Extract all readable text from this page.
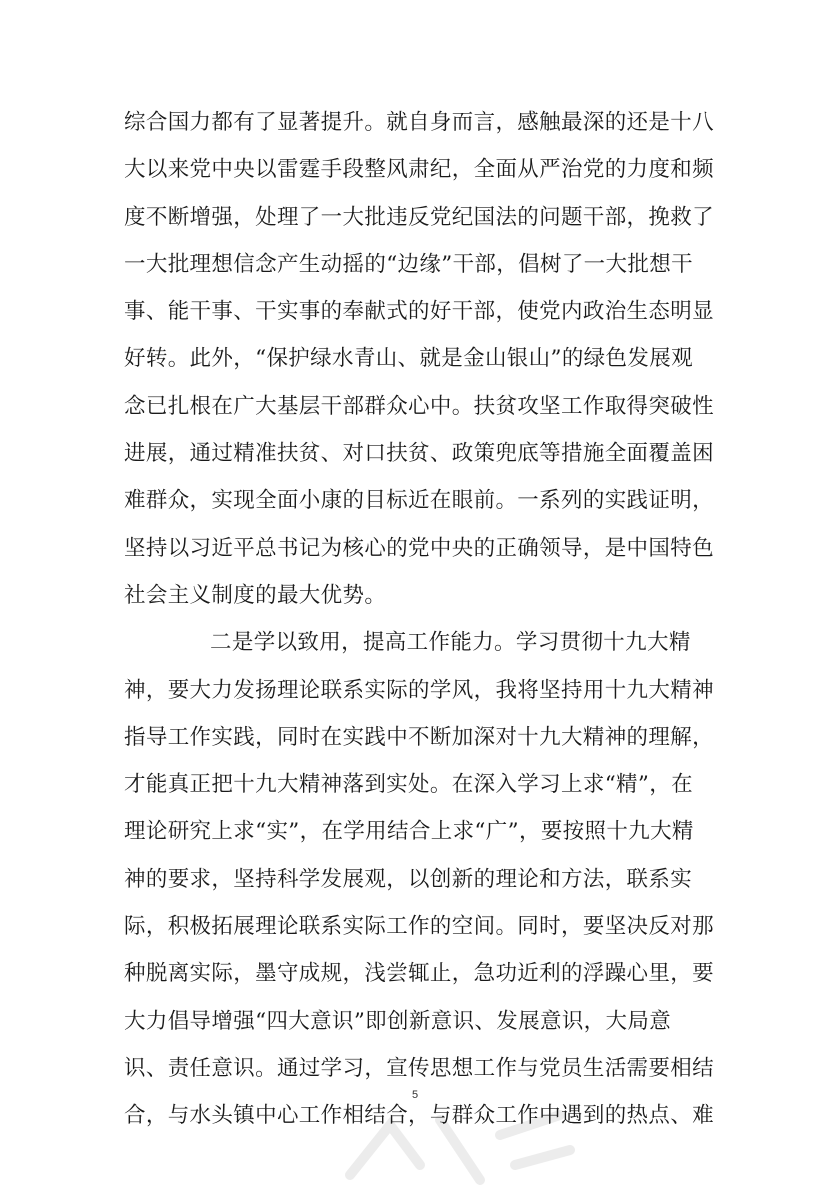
综合国力都有了显著提升。就自身而言，感触最深的还是十八
大以来党中央以雷霆手段整风肃纪，全面从严治党的力度和频
度不断增强，处理了一大批违反党纪国法的问题干部，挽救了
一大批理想信念产生动摇的“边缘”干部，倡树了一大批想干
事、能干事、干实事的奉献式的好干部，使党内政治生态明显
好转。此外，“保护绿水青山、就是金山银山”的绿色发展观
念已扎根在广大基层干部群众心中。扶贫攻坚工作取得突破性
进展，通过精准扶贫、对口扶贫、政策兜底等措施全面覆盖困
难群众，实现全面小康的目标近在眼前。一系列的实践证明，
坚持以习近平总书记为核心的党中央的正确领导，是中国特色
社会主义制度的最大优势。
二是学以致用，提高工作能力。学习贯彻十九大精
神，要大力发扬理论联系实际的学风，我将坚持用十九大精神
指导工作实践，同时在实践中不断加深对十九大精神的理解，
才能真正把十九大精神落到实处。在深入学习上求“精”，在
理论研究上求“实”，在学用结合上求“广”，要按照十九大精
神的要求，坚持科学发展观，以创新的理论和方法，联系实
际，积极拓展理论联系实际工作的空间。同时，要坚决反对那
种脱离实际，墨守成规，浅尝辄止，急功近利的浮躁心里，要
大力倡导增强“四大意识”即创新意识、发展意识，大局意
识、责任意识。通过学习，宣传思想工作与党员生活需要相结
合，与水头镇中心工作相结合，与群众工作中遇到的热点、难
5
